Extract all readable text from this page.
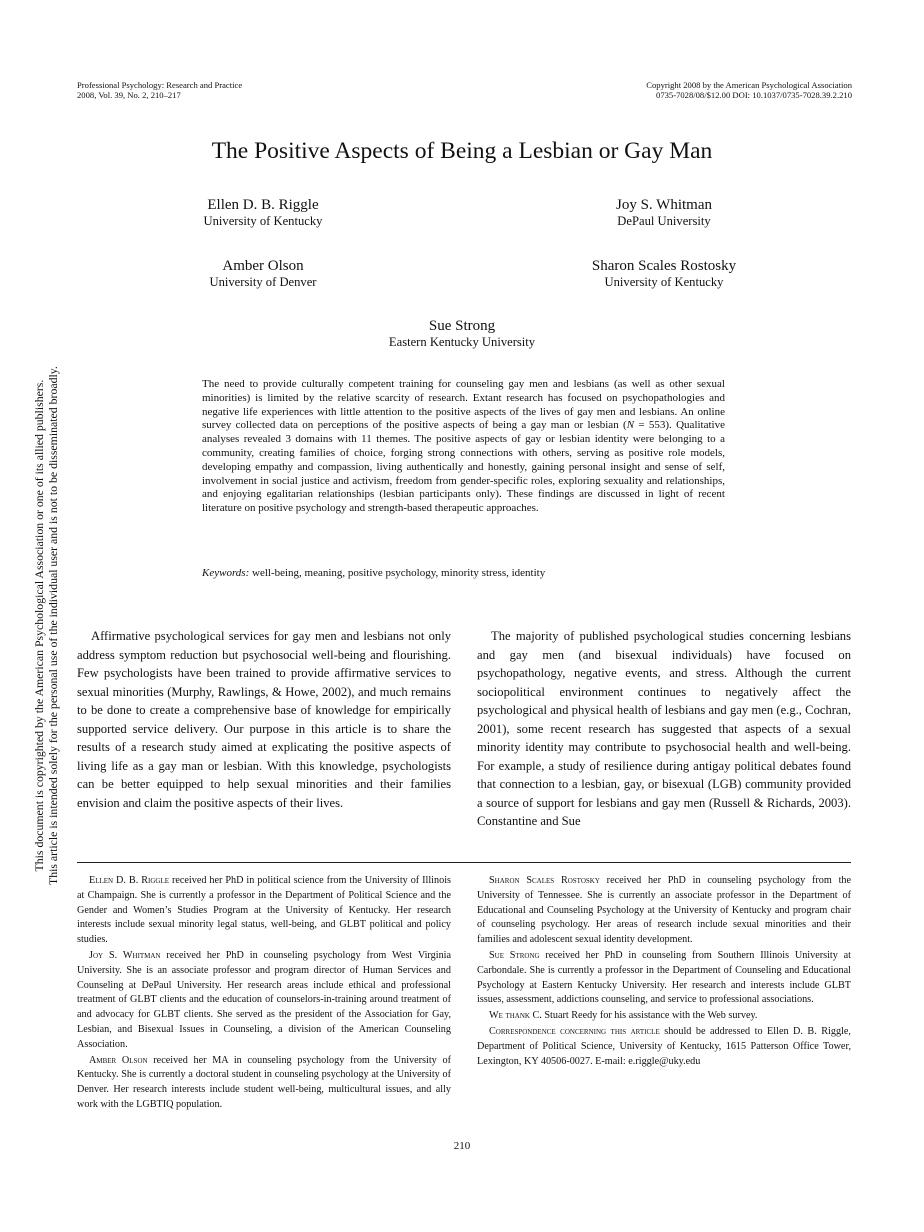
Professional Psychology: Research and Practice
2008, Vol. 39, No. 2, 210–217
Copyright 2008 by the American Psychological Association
0735-7028/08/$12.00 DOI: 10.1037/0735-7028.39.2.210
The Positive Aspects of Being a Lesbian or Gay Man
Ellen D. B. Riggle
University of Kentucky
Joy S. Whitman
DePaul University
Amber Olson
University of Denver
Sharon Scales Rostosky
University of Kentucky
Sue Strong
Eastern Kentucky University
The need to provide culturally competent training for counseling gay men and lesbians (as well as other sexual minorities) is limited by the relative scarcity of research. Extant research has focused on psychopathologies and negative life experiences with little attention to the positive aspects of the lives of gay men and lesbians. An online survey collected data on perceptions of the positive aspects of being a gay man or lesbian (N = 553). Qualitative analyses revealed 3 domains with 11 themes. The positive aspects of gay or lesbian identity were belonging to a community, creating families of choice, forging strong connections with others, serving as positive role models, developing empathy and compassion, living authentically and honestly, gaining personal insight and sense of self, involvement in social justice and activism, freedom from gender-specific roles, exploring sexuality and relationships, and enjoying egalitarian relationships (lesbian participants only). These findings are discussed in light of recent literature on positive psychology and strength-based therapeutic approaches.
Keywords: well-being, meaning, positive psychology, minority stress, identity

Affirmative psychological services for gay men and lesbians not only address symptom reduction but psychosocial well-being and flourishing. Few psychologists have been trained to provide affirmative services to sexual minorities (Murphy, Rawlings, & Howe, 2002), and much remains to be done to create a comprehensive base of knowledge for empirically supported service delivery. Our purpose in this article is to share the results of a research study aimed at explicating the positive aspects of living life as a gay man or lesbian. With this knowledge, psychologists can be better equipped to help sexual minorities and their families envision and claim the positive aspects of their lives.

The majority of published psychological studies concerning lesbians and gay men (and bisexual individuals) have focused on psychopathology, negative events, and stress. Although the current sociopolitical environment continues to negatively affect the psychological and physical health of lesbians and gay men (e.g., Cochran, 2001), some recent research has suggested that aspects of a sexual minority identity may contribute to psychosocial health and well-being. For example, a study of resilience during antigay political debates found that connection to a lesbian, gay, or bisexual (LGB) community provided a source of support for lesbians and gay men (Russell & Richards, 2003). Constantine and Sue

Ellen D. B. Riggle received her PhD in political science from the University of Illinois at Champaign. She is currently a professor in the Department of Political Science and the Gender and Women’s Studies Program at the University of Kentucky. Her research interests include sexual minority legal status, well-being, and GLBT political and policy studies.

Joy S. Whitman received her PhD in counseling psychology from West Virginia University. She is an associate professor and program director of Human Services and Counseling at DePaul University. Her research areas include ethical and professional treatment of GLBT clients and the education of counselors-in-training around treatment of and advocacy for GLBT clients. She served as the president of the Association for Gay, Lesbian, and Bisexual Issues in Counseling, a division of the American Counseling Association.

Amber Olson received her MA in counseling psychology from the University of Kentucky. She is currently a doctoral student in counseling psychology at the University of Denver. Her research interests include student well-being, multicultural issues, and ally work with the LGBTIQ population.

Sharon Scales Rostosky received her PhD in counseling psychology from the University of Tennessee. She is currently an associate professor in the Department of Educational and Counseling Psychology at the University of Kentucky and program chair of counseling psychology. Her areas of research include sexual minorities and their families and adolescent sexual identity development.

Sue Strong received her PhD in counseling from Southern Illinois University at Carbondale. She is currently a professor in the Department of Counseling and Educational Psychology at Eastern Kentucky University. Her research and interests include GLBT issues, assessment, addictions counseling, and service to professional associations.

We thank C. Stuart Reedy for his assistance with the Web survey.

Correspondence concerning this article should be addressed to Ellen D. B. Riggle, Department of Political Science, University of Kentucky, 1615 Patterson Office Tower, Lexington, KY 40506-0027. E-mail: e.riggle@uky.edu

210
This document is copyrighted by the American Psychological Association or one of its allied publishers. This article is intended solely for the personal use of the individual user and is not to be disseminated broadly.
